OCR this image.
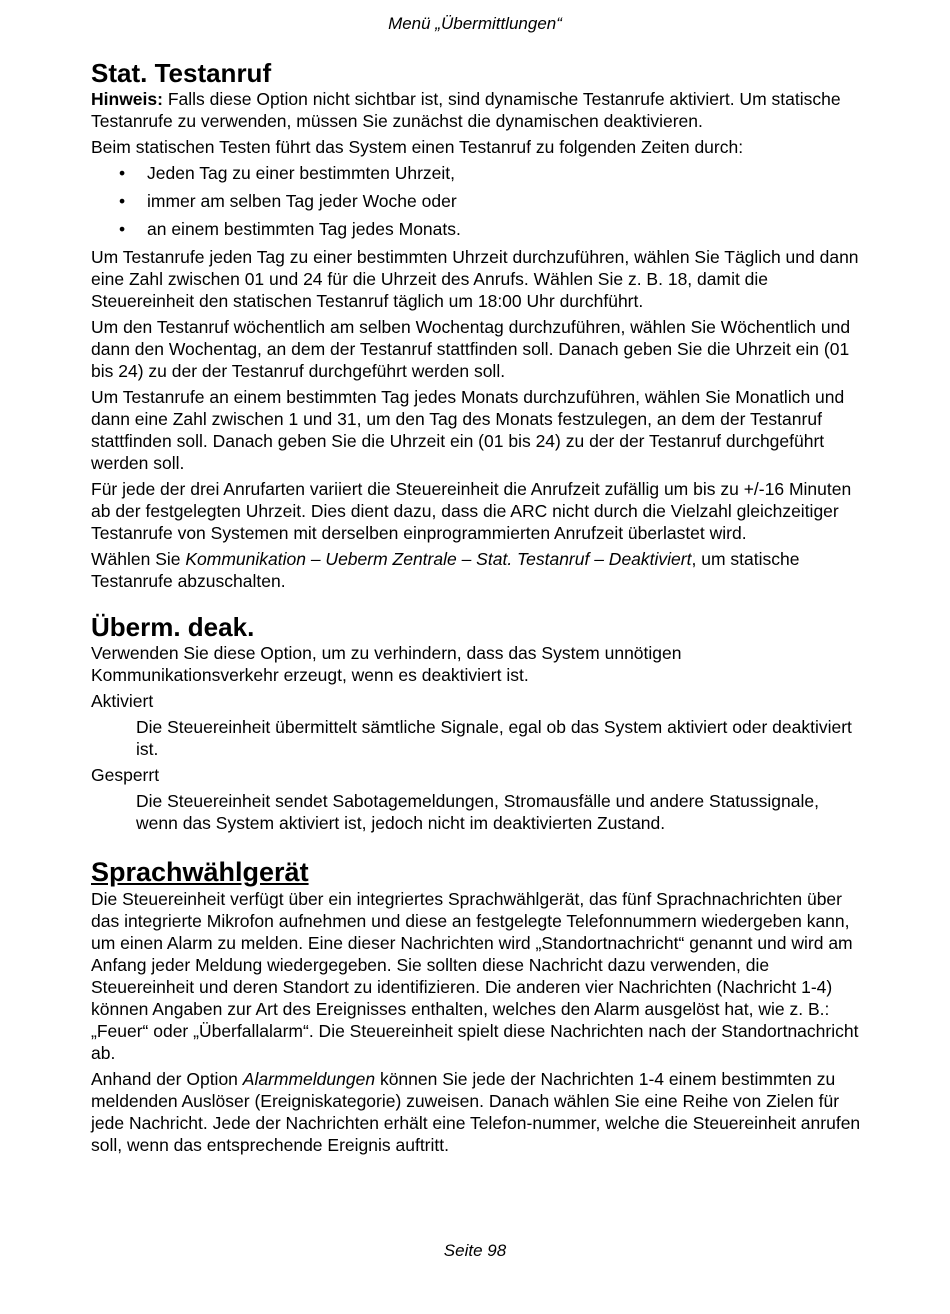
Menü „Übermittlungen“
Stat. Testanruf

Hinweis: Falls diese Option nicht sichtbar ist, sind dynamische Testanrufe aktiviert. Um statische Testanrufe zu verwenden, müssen Sie zunächst die dynamischen deaktivieren.

Beim statischen Testen führt das System einen Testanruf zu folgenden Zeiten durch:

• Jeden Tag zu einer bestimmten Uhrzeit,
• immer am selben Tag jeder Woche oder
• an einem bestimmten Tag jedes Monats.

Um Testanrufe jeden Tag zu einer bestimmten Uhrzeit durchzuführen, wählen Sie Täglich und dann eine Zahl zwischen 01 und 24 für die Uhrzeit des Anrufs. Wählen Sie z. B. 18, damit die Steuereinheit den statischen Testanruf täglich um 18:00 Uhr durchführt.

Um den Testanruf wöchentlich am selben Wochentag durchzuführen, wählen Sie Wöchentlich und dann den Wochentag, an dem der Testanruf stattfinden soll. Danach geben Sie die Uhrzeit ein (01 bis 24) zu der der Testanruf durchgeführt werden soll.

Um Testanrufe an einem bestimmten Tag jedes Monats durchzuführen, wählen Sie Monatlich und dann eine Zahl zwischen 1 und 31, um den Tag des Monats festzulegen, an dem der Testanruf stattfinden soll. Danach geben Sie die Uhrzeit ein (01 bis 24) zu der der Testanruf durchgeführt werden soll.

Für jede der drei Anrufarten variiert die Steuereinheit die Anrufzeit zufällig um bis zu +/-16 Minuten ab der festgelegten Uhrzeit. Dies dient dazu, dass die ARC nicht durch die Vielzahl gleichzeitiger Testanrufe von Systemen mit derselben einprogrammierten Anrufzeit überlastet wird.

Wählen Sie Kommunikation – Ueberm Zentrale – Stat. Testanruf – Deaktiviert, um statische Testanrufe abzuschalten.

Überm. deak.

Verwenden Sie diese Option, um zu verhindern, dass das System unnötigen Kommunikationsverkehr erzeugt, wenn es deaktiviert ist.

Aktiviert

Die Steuereinheit übermittelt sämtliche Signale, egal ob das System aktiviert oder deaktiviert ist.

Gesperrt

Die Steuereinheit sendet Sabotagemeldungen, Stromausfälle und andere Statussignale, wenn das System aktiviert ist, jedoch nicht im deaktivierten Zustand.

Sprachwählgerät

Die Steuereinheit verfügt über ein integriertes Sprachwählgerät, das fünf Sprachnachrichten über das integrierte Mikrofon aufnehmen und diese an festgelegte Telefonnummern wiedergeben kann, um einen Alarm zu melden. Eine dieser Nachrichten wird „Standortnachricht“ genannt und wird am Anfang jeder Meldung wiedergegeben. Sie sollten diese Nachricht dazu verwenden, die Steuereinheit und deren Standort zu identifizieren. Die anderen vier Nachrichten (Nachricht 1-4) können Angaben zur Art des Ereignisses enthalten, welches den Alarm ausgelöst hat, wie z. B.: „Feuer“ oder „Überfallalarm“. Die Steuereinheit spielt diese Nachrichten nach der Standortnachricht ab.

Anhand der Option Alarmmeldungen können Sie jede der Nachrichten 1-4 einem bestimmten zu meldenden Auslöser (Ereigniskategorie) zuweisen. Danach wählen Sie eine Reihe von Zielen für jede Nachricht. Jede der Nachrichten erhält eine Telefon-nummer, welche die Steuereinheit anrufen soll, wenn das entsprechende Ereignis auftritt.

Seite 98
